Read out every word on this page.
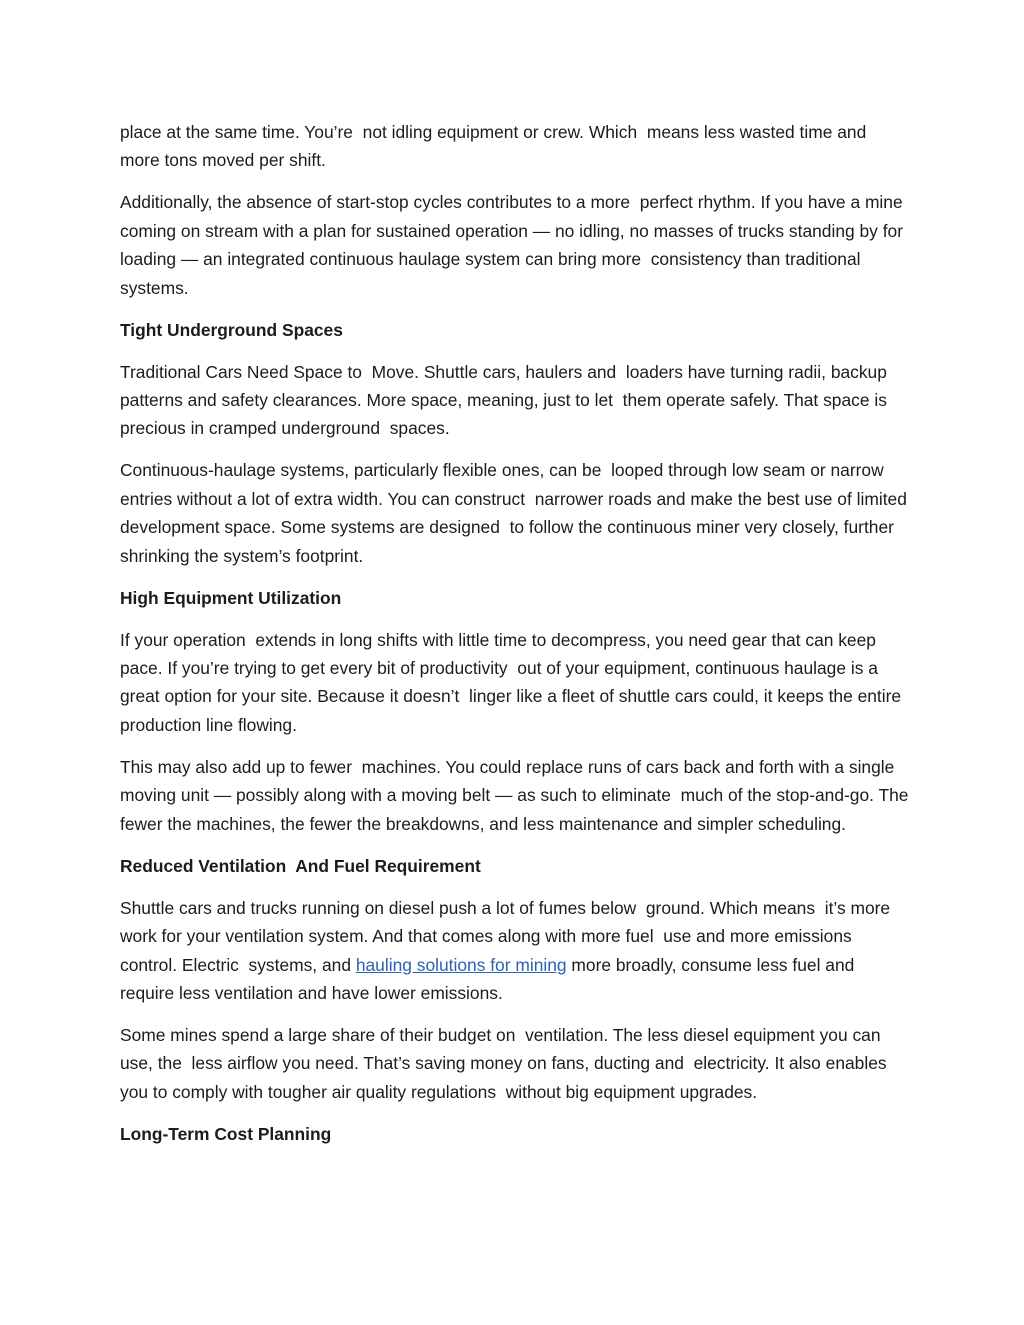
place at the same time. You’re  not idling equipment or crew. Which  means less wasted time and more tons moved per shift.

Additionally, the absence of start-stop cycles contributes to a more  perfect rhythm. If you have a mine coming on stream with a plan for sustained operation — no idling, no masses of trucks standing by for loading — an integrated continuous haulage system can bring more  consistency than traditional systems.

Tight Underground Spaces

Traditional Cars Need Space to  Move. Shuttle cars, haulers and  loaders have turning radii, backup patterns and safety clearances. More space, meaning, just to let  them operate safely. That space is precious in cramped underground  spaces.

Continuous-haulage systems, particularly flexible ones, can be  looped through low seam or narrow entries without a lot of extra width. You can construct  narrower roads and make the best use of limited development space. Some systems are designed  to follow the continuous miner very closely, further shrinking the system’s footprint.

High Equipment Utilization

If your operation  extends in long shifts with little time to decompress, you need gear that can keep pace. If you’re trying to get every bit of productivity  out of your equipment, continuous haulage is a great option for your site. Because it doesn’t  linger like a fleet of shuttle cars could, it keeps the entire production line flowing.

This may also add up to fewer  machines. You could replace runs of cars back and forth with a single moving unit — possibly along with a moving belt — as such to eliminate  much of the stop-and-go. The fewer the machines, the fewer the breakdowns, and less maintenance and simpler scheduling.

Reduced Ventilation  And Fuel Requirement

Shuttle cars and trucks running on diesel push a lot of fumes below  ground. Which means  it’s more work for your ventilation system. And that comes along with more fuel  use and more emissions control. Electric  systems, and hauling solutions for mining more broadly, consume less fuel and require less ventilation and have lower emissions.

Some mines spend a large share of their budget on  ventilation. The less diesel equipment you can use, the  less airflow you need. That’s saving money on fans, ducting and  electricity. It also enables you to comply with tougher air quality regulations  without big equipment upgrades.

Long-Term Cost Planning
